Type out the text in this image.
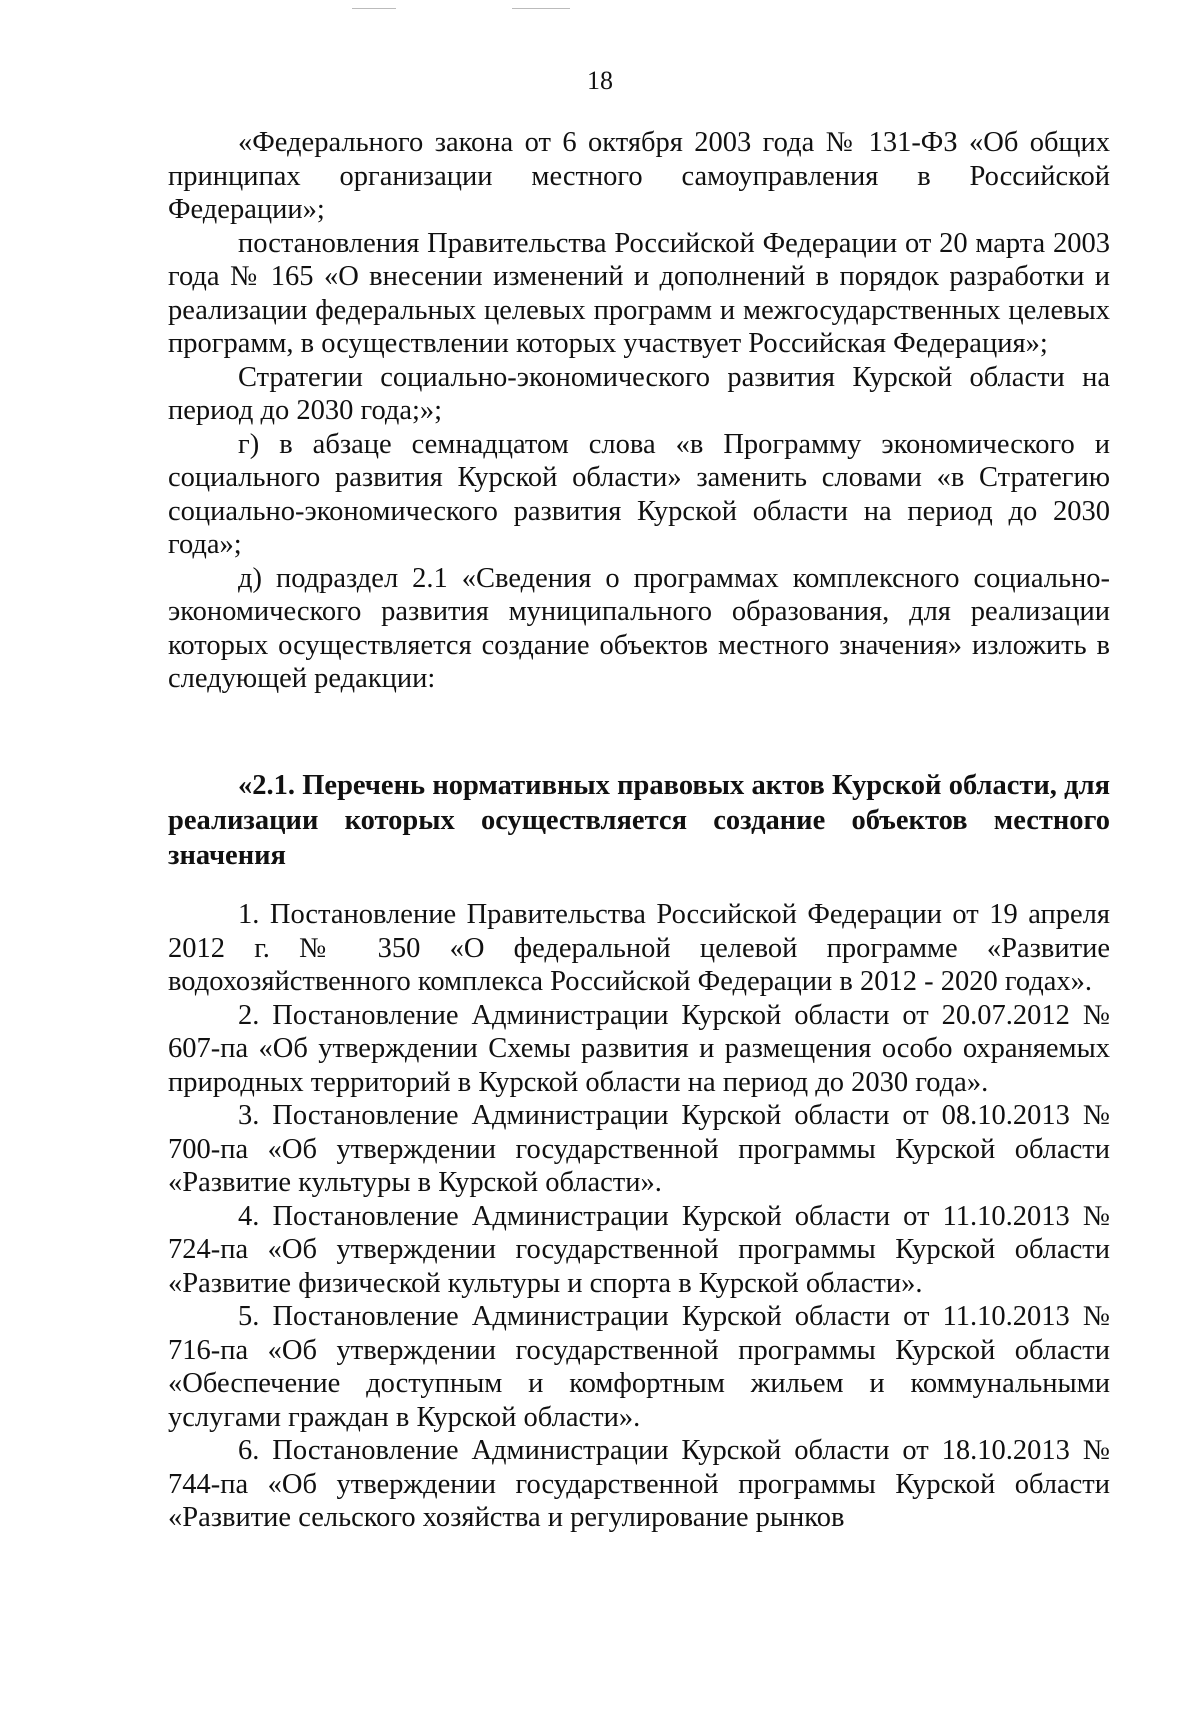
18

«Федерального закона от 6 октября 2003 года № 131-ФЗ «Об общих принципах организации местного самоуправления в Российской Федерации»;

постановления Правительства Российской Федерации от 20 марта 2003 года № 165 «О внесении изменений и дополнений в порядок разработки и реализации федеральных целевых программ и межгосударственных целевых программ, в осуществлении которых участвует Российская Федерация»;

Стратегии социально-экономического развития Курской области на период до 2030 года;»;

г) в абзаце семнадцатом слова «в Программу экономического и социального развития Курской области» заменить словами «в Стратегию социально-экономического развития Курской области на период до 2030 года»;

д) подраздел 2.1 «Сведения о программах комплексного социально-экономического развития муниципального образования, для реализации которых осуществляется создание объектов местного значения» изложить в следующей редакции:

«2.1. Перечень нормативных правовых актов Курской области, для реализации которых осуществляется создание объектов местного значения

1. Постановление Правительства Российской Федерации от 19 апреля 2012 г. № 350 «О федеральной целевой программе «Развитие водохозяйственного комплекса Российской Федерации в 2012 - 2020 годах».

2. Постановление Администрации Курской области от 20.07.2012 № 607-па «Об утверждении Схемы развития и размещения особо охраняемых природных территорий в Курской области на период до 2030 года».

3. Постановление Администрации Курской области от 08.10.2013 № 700-па «Об утверждении государственной программы Курской области «Развитие культуры в Курской области».

4. Постановление Администрации Курской области от 11.10.2013 № 724-па «Об утверждении государственной программы Курской области «Развитие физической культуры и спорта в Курской области».

5. Постановление Администрации Курской области от 11.10.2013 № 716-па «Об утверждении государственной программы Курской области «Обеспечение доступным и комфортным жильем и коммунальными услугами граждан в Курской области».

6. Постановление Администрации Курской области от 18.10.2013 № 744-па «Об утверждении государственной программы Курской области «Развитие сельского хозяйства и регулирование рынков
